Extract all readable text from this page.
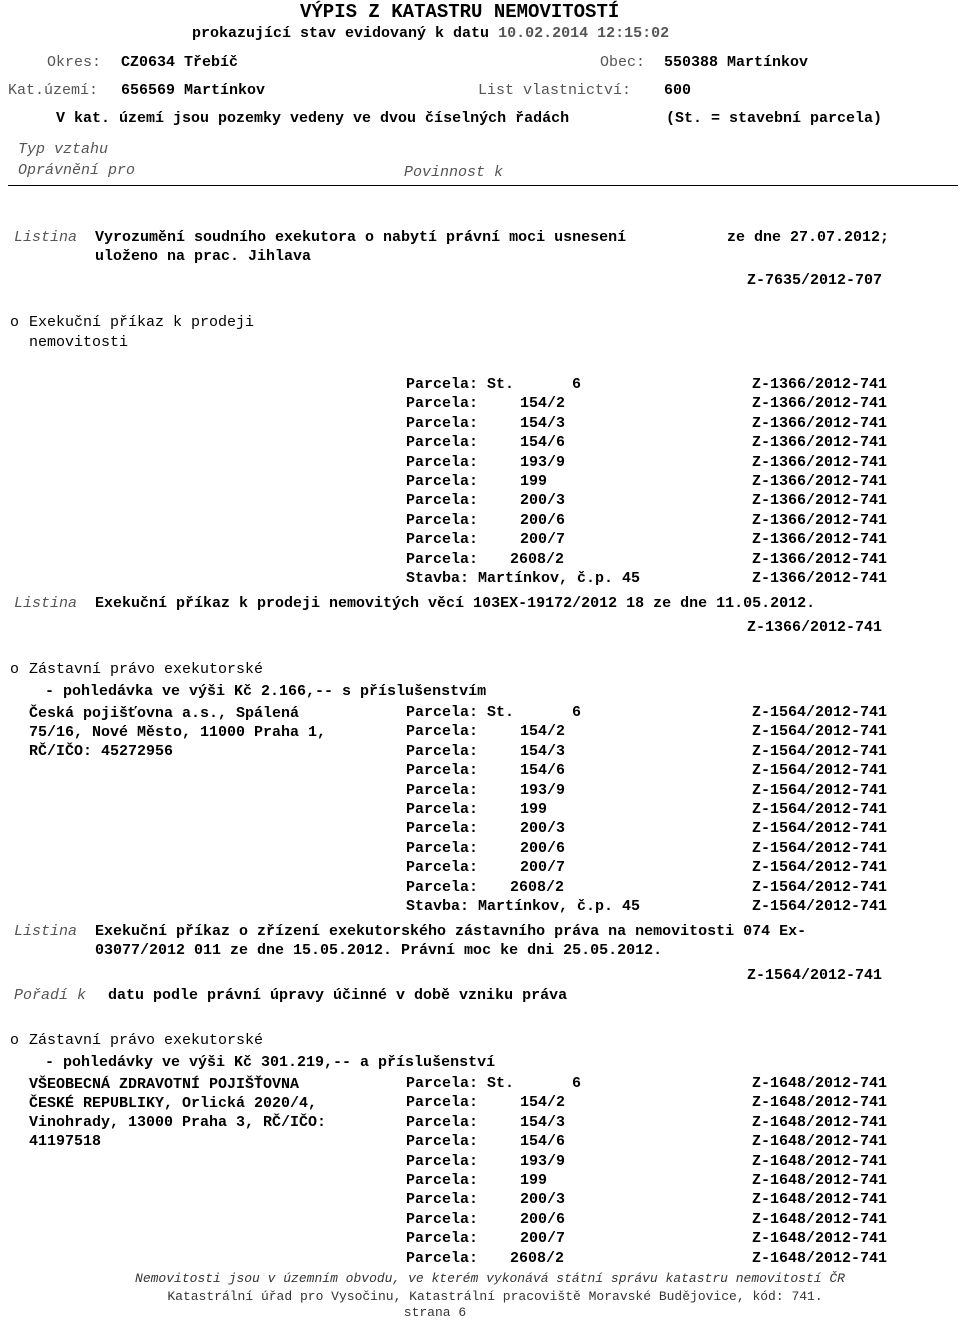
VÝPIS Z KATASTRU NEMOVITOSTÍ
prokazující stav evidovaný k datu 10.02.2014 12:15:02
Okres: CZ0634 Třebíč	Obec: 550388 Martínkov
Kat.území: 656569 Martínkov	List vlastnictví: 600
V kat. území jsou pozemky vedeny ve dvou číselných řadách	(St. = stavební parcela)
Typ vztahu
Oprávnění pro	Povinnost k
Listina Vyrozumění soudního exekutora o nabytí právní moci usnesení	ze dne 27.07.2012;
uloženo na prac. Jihlava
Z-7635/2012-707
o Exekuční příkaz k prodeji
nemovitosti
Parcela: St.	6	Z-1366/2012-741
Parcela:	154/2	Z-1366/2012-741
Parcela:	154/3	Z-1366/2012-741
Parcela:	154/6	Z-1366/2012-741
Parcela:	193/9	Z-1366/2012-741
Parcela:	199	Z-1366/2012-741
Parcela:	200/3	Z-1366/2012-741
Parcela:	200/6	Z-1366/2012-741
Parcela:	200/7	Z-1366/2012-741
Parcela: 2608/2	Z-1366/2012-741
Stavba: Martínkov, č.p. 45	Z-1366/2012-741
Listina Exekuční příkaz k prodeji nemovitých věcí 103EX-19172/2012 18 ze dne 11.05.2012.
Z-1366/2012-741
o Zástavní právo exekutorské
- pohledávka ve výši Kč 2.166,-- s příslušenstvím
Česká pojišťovna a.s., Spálená
75/16, Nové Město, 11000 Praha 1,
RČ/IČO: 45272956
Parcela: St.	6	Z-1564/2012-741
Parcela:	154/2	Z-1564/2012-741
Parcela:	154/3	Z-1564/2012-741
Parcela:	154/6	Z-1564/2012-741
Parcela:	193/9	Z-1564/2012-741
Parcela:	199	Z-1564/2012-741
Parcela:	200/3	Z-1564/2012-741
Parcela:	200/6	Z-1564/2012-741
Parcela:	200/7	Z-1564/2012-741
Parcela: 2608/2	Z-1564/2012-741
Stavba: Martínkov, č.p. 45	Z-1564/2012-741
Listina Exekuční příkaz o zřízení exekutorského zástavního práva na nemovitosti 074 Ex-
03077/2012 011 ze dne 15.05.2012. Právní moc ke dni 25.05.2012.
Z-1564/2012-741
Pořadí k datu podle právní úpravy účinné v době vzniku práva
o Zástavní právo exekutorské
- pohledávky ve výši Kč 301.219,-- a příslušenství
VŠEOBECNÁ ZDRAVOTNÍ POJIŠŤOVNA
ČESKÉ REPUBLIKY, Orlická 2020/4,
Vinohrady, 13000 Praha 3, RČ/IČO:
41197518
Parcela: St.	6	Z-1648/2012-741
Parcela:	154/2	Z-1648/2012-741
Parcela:	154/3	Z-1648/2012-741
Parcela:	154/6	Z-1648/2012-741
Parcela:	193/9	Z-1648/2012-741
Parcela:	199	Z-1648/2012-741
Parcela:	200/3	Z-1648/2012-741
Parcela:	200/6	Z-1648/2012-741
Parcela:	200/7	Z-1648/2012-741
Parcela: 2608/2	Z-1648/2012-741
Nemovitosti jsou v územním obvodu, ve kterém vykonává státní správu katastru nemovitostí ČR
Katastrální úřad pro Vysočinu, Katastrální pracoviště Moravské Budějovice, kód: 741.
strana 6
